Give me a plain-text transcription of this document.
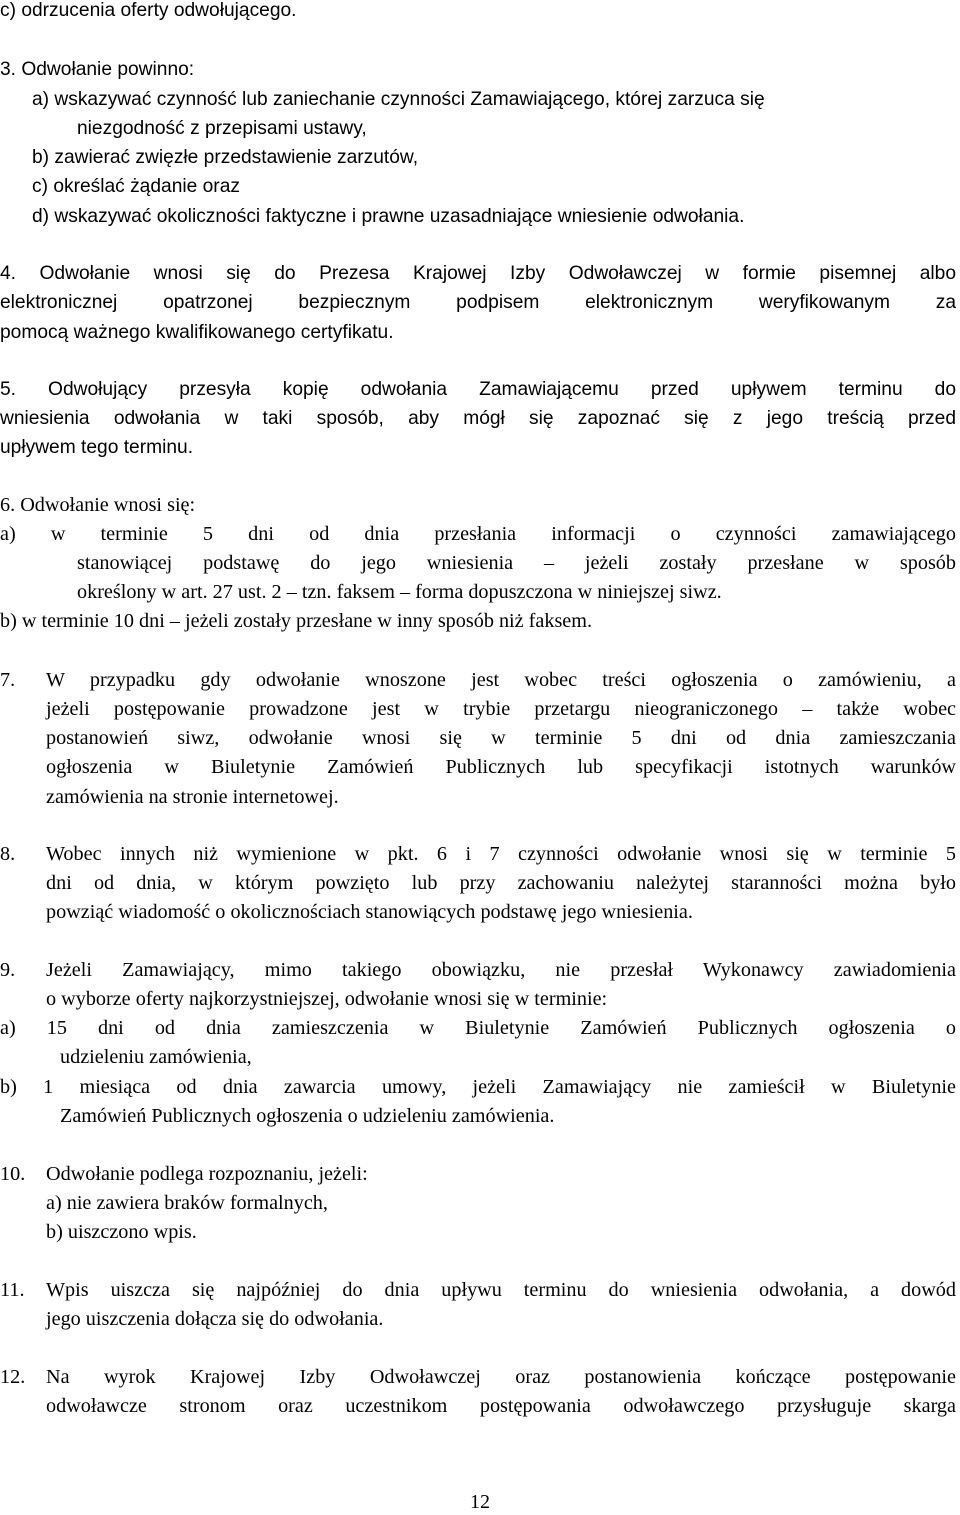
c) odrzucenia oferty odwołującego.
3. Odwołanie powinno:
a) wskazywać czynność lub zaniechanie czynności Zamawiającego, której zarzuca się
niezgodność z przepisami ustawy,
b) zawierać zwięzłe przedstawienie zarzutów,
c) określać żądanie oraz
d) wskazywać okoliczności faktyczne i prawne uzasadniające wniesienie odwołania.
4. Odwołanie wnosi się do Prezesa Krajowej Izby Odwoławczej w formie pisemnej albo
elektronicznej opatrzonej bezpiecznym podpisem elektronicznym weryfikowanym za
pomocą ważnego kwalifikowanego certyfikatu.
5. Odwołujący przesyła kopię odwołania Zamawiającemu przed upływem terminu do
wniesienia odwołania w taki sposób, aby mógł się zapoznać się z jego treścią przed
upływem tego terminu.
6. Odwołanie wnosi się:
a) w terminie 5 dni od dnia przesłania informacji o czynności zamawiającego
stanowiącej podstawę do jego wniesienia – jeżeli zostały przesłane w sposób
określony w art. 27 ust. 2 – tzn. faksem – forma dopuszczona w niniejszej siwz.
b) w terminie 10 dni – jeżeli zostały przesłane w inny sposób niż faksem.
7. W przypadku gdy odwołanie wnoszone jest wobec treści ogłoszenia o zamówieniu, a
jeżeli postępowanie prowadzone jest w trybie przetargu nieograniczonego – także wobec
postanowień siwz, odwołanie wnosi się w terminie 5 dni od dnia zamieszczania
ogłoszenia w Biuletynie Zamówień Publicznych lub specyfikacji istotnych warunków
zamówienia na stronie internetowej.
8. Wobec innych niż wymienione w pkt. 6 i 7 czynności odwołanie wnosi się w terminie 5
dni od dnia, w którym powzięto lub przy zachowaniu należytej staranności można było
powziąć wiadomość o okolicznościach stanowiących podstawę jego wniesienia.
9. Jeżeli Zamawiający, mimo takiego obowiązku, nie przesłał Wykonawcy zawiadomienia
o wyborze oferty najkorzystniejszej, odwołanie wnosi się w terminie:
a) 15 dni od dnia zamieszczenia w Biuletynie Zamówień Publicznych ogłoszenia o
udzieleniu zamówienia,
b) 1 miesiąca od dnia zawarcia umowy, jeżeli Zamawiający nie zamieścił w Biuletynie
Zamówień Publicznych ogłoszenia o udzieleniu zamówienia.
10. Odwołanie podlega rozpoznaniu, jeżeli:
a) nie zawiera braków formalnych,
b) uiszczono wpis.
11. Wpis uiszcza się najpóźniej do dnia upływu terminu do wniesienia odwołania, a dowód
jego uiszczenia dołącza się do odwołania.
12. Na wyrok Krajowej Izby Odwoławczej oraz postanowienia kończące postępowanie
odwoławcze stronom oraz uczestnikom postępowania odwoławczego przysługuje skarga
12
